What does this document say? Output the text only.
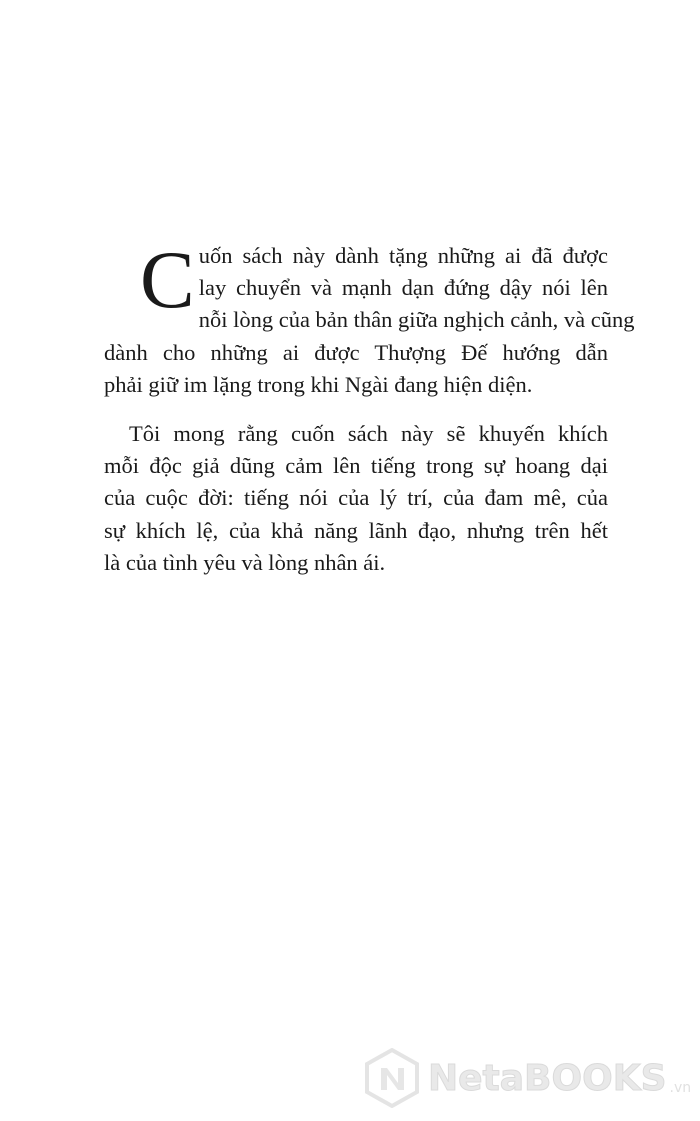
C uốn sách này dành tặng những ai đã được
lay chuyển và mạnh dạn đứng dậy nói lên
nỗi lòng của bản thân giữa nghịch cảnh, và cũng
dành cho những ai được Thượng Đế hướng dẫn
phải giữ im lặng trong khi Ngài đang hiện diện.
Tôi mong rằng cuốn sách này sẽ khuyến khích
mỗi độc giả dũng cảm lên tiếng trong sự hoang dại
của cuộc đời: tiếng nói của lý trí, của đam mê, của
sự khích lệ, của khả năng lãnh đạo, nhưng trên hết
là của tình yêu và lòng nhân ái.
NetaBOOKS .vn
